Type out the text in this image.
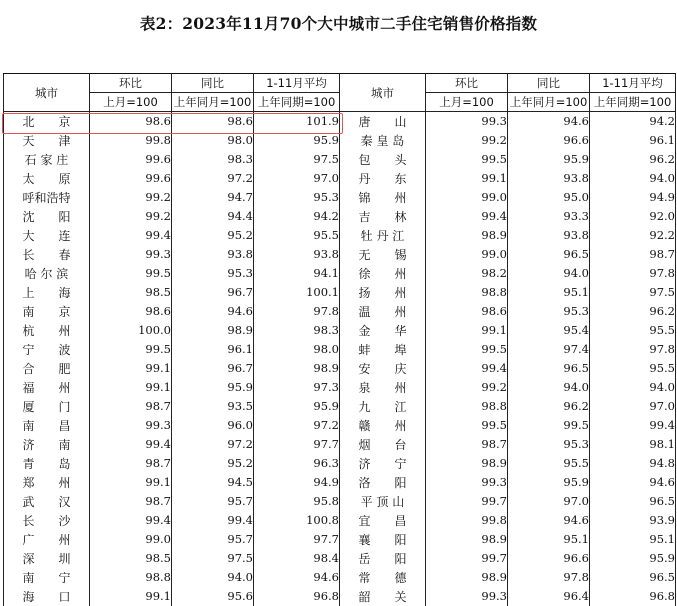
表2：2023年11月70个大中城市二手住宅销售价格指数
城市	环比	同比	1-11月平均	城市	环比	同比	1-11月平均
	上月=100	上年同月=100	上年同期=100		上月=100	上年同月=100	上年同期=100
北　　京	98.6	98.6	101.9	唐　　山	99.3	94.6	94.2
天　　津	99.8	98.0	95.9	秦 皇 岛	99.2	96.6	96.1
石 家 庄	99.6	98.3	97.5	包　　头	99.5	95.9	96.2
太　　原	99.6	97.2	97.0	丹　　东	99.1	93.8	94.0
呼和浩特	99.2	94.7	95.3	锦　　州	99.0	95.0	94.9
沈　　阳	99.2	94.4	94.2	吉　　林	99.4	93.3	92.0
大　　连	99.4	95.2	95.5	牡 丹 江	98.9	93.8	92.2
长　　春	99.3	93.8	93.8	无　　锡	99.0	96.5	98.7
哈 尔 滨	99.5	95.3	94.1	徐　　州	98.2	94.0	97.8
上　　海	98.5	96.7	100.1	扬　　州	98.8	95.1	97.5
南　　京	98.6	94.6	97.8	温　　州	98.6	95.3	96.2
杭　　州	100.0	98.9	98.3	金　　华	99.1	95.4	95.5
宁　　波	99.5	96.1	98.0	蚌　　埠	99.5	97.4	97.8
合　　肥	99.1	96.7	98.9	安　　庆	99.4	96.5	95.5
福　　州	99.1	95.9	97.3	泉　　州	99.2	94.0	94.0
厦　　门	98.7	93.5	95.9	九　　江	98.8	96.2	97.0
南　　昌	99.3	96.0	97.2	赣　　州	99.5	99.5	99.4
济　　南	99.4	97.2	97.7	烟　　台	98.7	95.3	98.1
青　　岛	98.7	95.2	96.3	济　　宁	98.9	95.5	94.8
郑　　州	99.1	94.5	94.9	洛　　阳	99.3	95.9	94.6
武　　汉	98.7	95.7	95.8	平 顶 山	99.7	97.0	96.5
长　　沙	99.4	99.4	100.8	宜　　昌	99.8	94.6	93.9
广　　州	99.0	95.7	97.7	襄　　阳	98.9	95.1	95.1
深　　圳	98.5	97.5	98.4	岳　　阳	99.7	96.6	95.9
南　　宁	98.8	94.0	94.6	常　　德	98.9	97.8	96.5
海　　口	99.1	95.6	96.8	韶　　关	99.3	96.4	96.8
